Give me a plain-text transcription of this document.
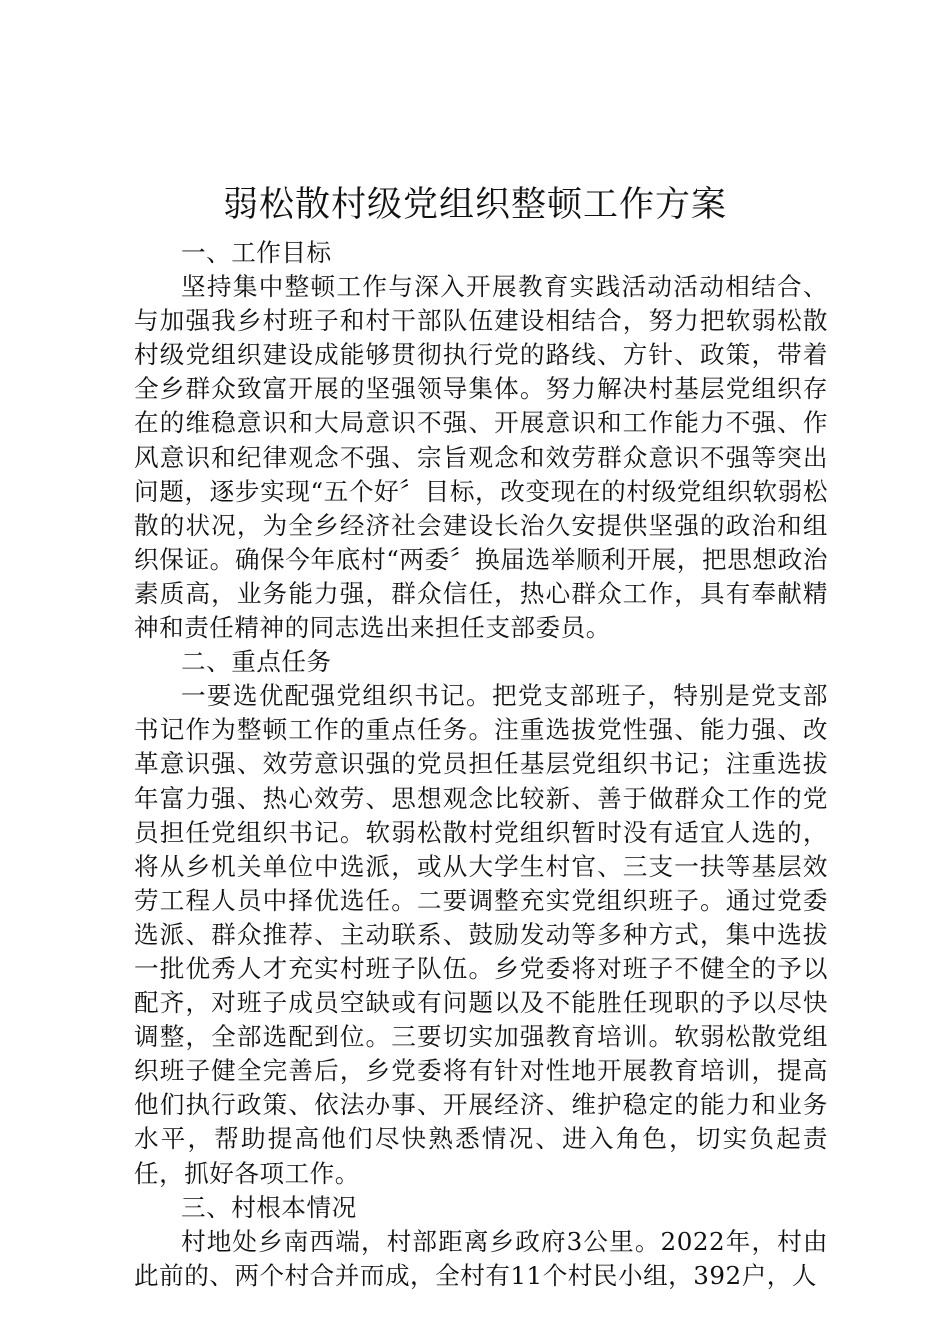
弱松散村级党组织整顿工作方案
一、工作目标

坚持集中整顿工作与深入开展教育实践活动活动相结合、与加强我乡村班子和村干部队伍建设相结合，努力把软弱松散村级党组织建设成能够贯彻执行党的路线、方针、政策，带着全乡群众致富开展的坚强领导集体。努力解决村基层党组织存在的维稳意识和大局意识不强、开展意识和工作能力不强、作风意识和纪律观念不强、宗旨观念和效劳群众意识不强等突出问题，逐步实现“五个好〞目标，改变现在的村级党组织软弱松散的状况，为全乡经济社会建设长治久安提供坚强的政治和组织保证。确保今年底村“两委〞换届选举顺利开展，把思想政治素质高，业务能力强，群众信任，热心群众工作，具有奉献精神和责任精神的同志选出来担任支部委员。

二、重点任务

一要选优配强党组织书记。把党支部班子，特别是党支部书记作为整顿工作的重点任务。注重选拔党性强、能力强、改革意识强、效劳意识强的党员担任基层党组织书记；注重选拔年富力强、热心效劳、思想观念比较新、善于做群众工作的党员担任党组织书记。软弱松散村党组织暂时没有适宜人选的，将从乡机关单位中选派，或从大学生村官、三支一扶等基层效劳工程人员中择优选任。二要调整充实党组织班子。通过党委选派、群众推荐、主动联系、鼓励发动等多种方式，集中选拔一批优秀人才充实村班子队伍。乡党委将对班子不健全的予以配齐，对班子成员空缺或有问题以及不能胜任现职的予以尽快调整，全部选配到位。三要切实加强教育培训。软弱松散党组织班子健全完善后，乡党委将有针对性地开展教育培训，提高他们执行政策、依法办事、开展经济、维护稳定的能力和业务水平，帮助提高他们尽快熟悉情况、进入角色，切实负起责任，抓好各项工作。

三、村根本情况

村地处乡南西端，村部距离乡政府3公里。2022年，村由此前的、两个村合并而成，全村有11个村民小组，392户，人
